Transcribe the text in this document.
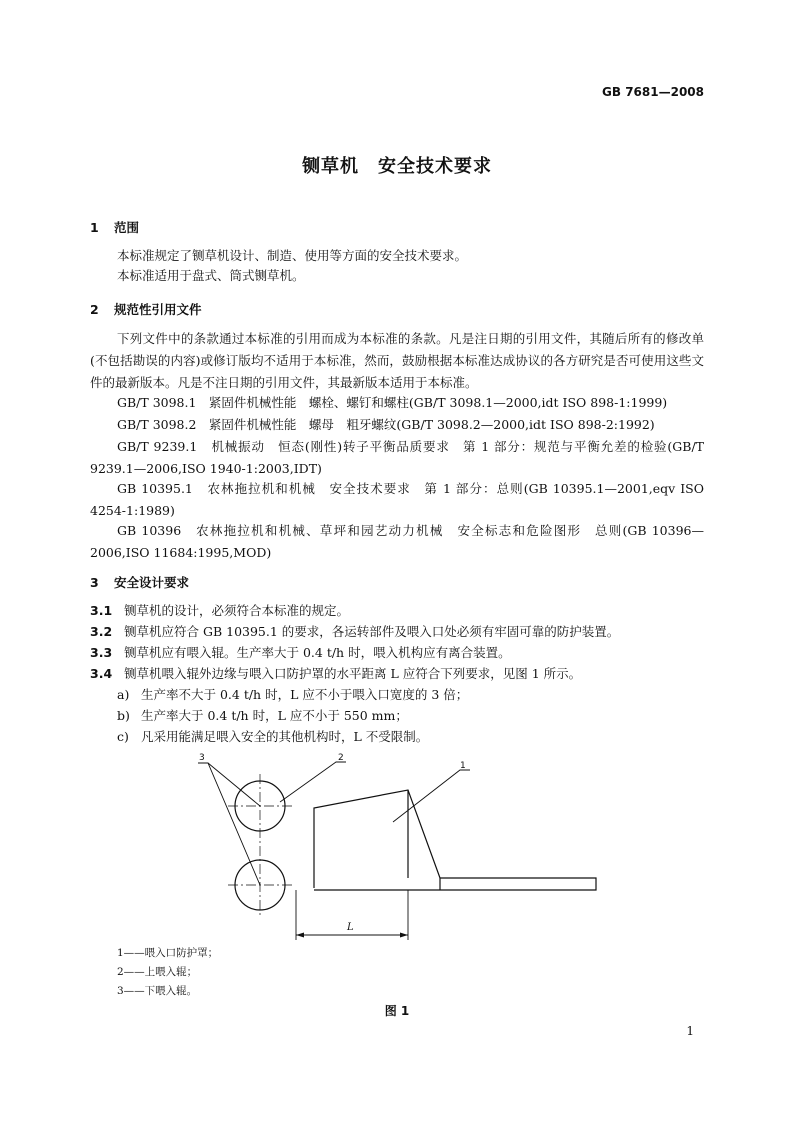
GB 7681—2008
铡草机　安全技术要求
1 范围
本标准规定了铡草机设计、制造、使用等方面的安全技术要求。
本标准适用于盘式、筒式铡草机。
2 规范性引用文件
下列文件中的条款通过本标准的引用而成为本标准的条款。凡是注日期的引用文件，其随后所有的修改单(不包括勘误的内容)或修订版均不适用于本标准，然而，鼓励根据本标准达成协议的各方研究是否可使用这些文件的最新版本。凡是不注日期的引用文件，其最新版本适用于本标准。
GB/T 3098.1　紧固件机械性能　螺栓、螺钉和螺柱(GB/T 3098.1—2000,idt ISO 898-1:1999)
GB/T 3098.2　紧固件机械性能　螺母　粗牙螺纹(GB/T 3098.2—2000,idt ISO 898-2:1992)
GB/T 9239.1　机械振动　恒态(刚性)转子平衡品质要求　第 1 部分：规范与平衡允差的检验(GB/T 9239.1—2006,ISO 1940-1:2003,IDT)
GB 10395.1　农林拖拉机和机械　安全技术要求　第 1 部分：总则(GB 10395.1—2001,eqv ISO 4254-1:1989)
GB 10396　农林拖拉机和机械、草坪和园艺动力机械　安全标志和危险图形　总则(GB 10396—2006,ISO 11684:1995,MOD)
3 安全设计要求
3.1 铡草机的设计，必须符合本标准的规定。
3.2 铡草机应符合 GB 10395.1 的要求，各运转部件及喂入口处必须有牢固可靠的防护装置。
3.3 铡草机应有喂入辊。生产率大于 0.4 t/h 时，喂入机构应有离合装置。
3.4 铡草机喂入辊外边缘与喂入口防护罩的水平距离 L 应符合下列要求，见图 1 所示。
a) 生产率不大于 0.4 t/h 时，L 应不小于喂入口宽度的 3 倍；
b) 生产率大于 0.4 t/h 时，L 应不小于 550 mm；
c) 凡采用能满足喂入安全的其他机构时，L 不受限制。
3	2
1
L
1——喂入口防护罩；
2——上喂入辊；
3——下喂入辊。
图 1
1
